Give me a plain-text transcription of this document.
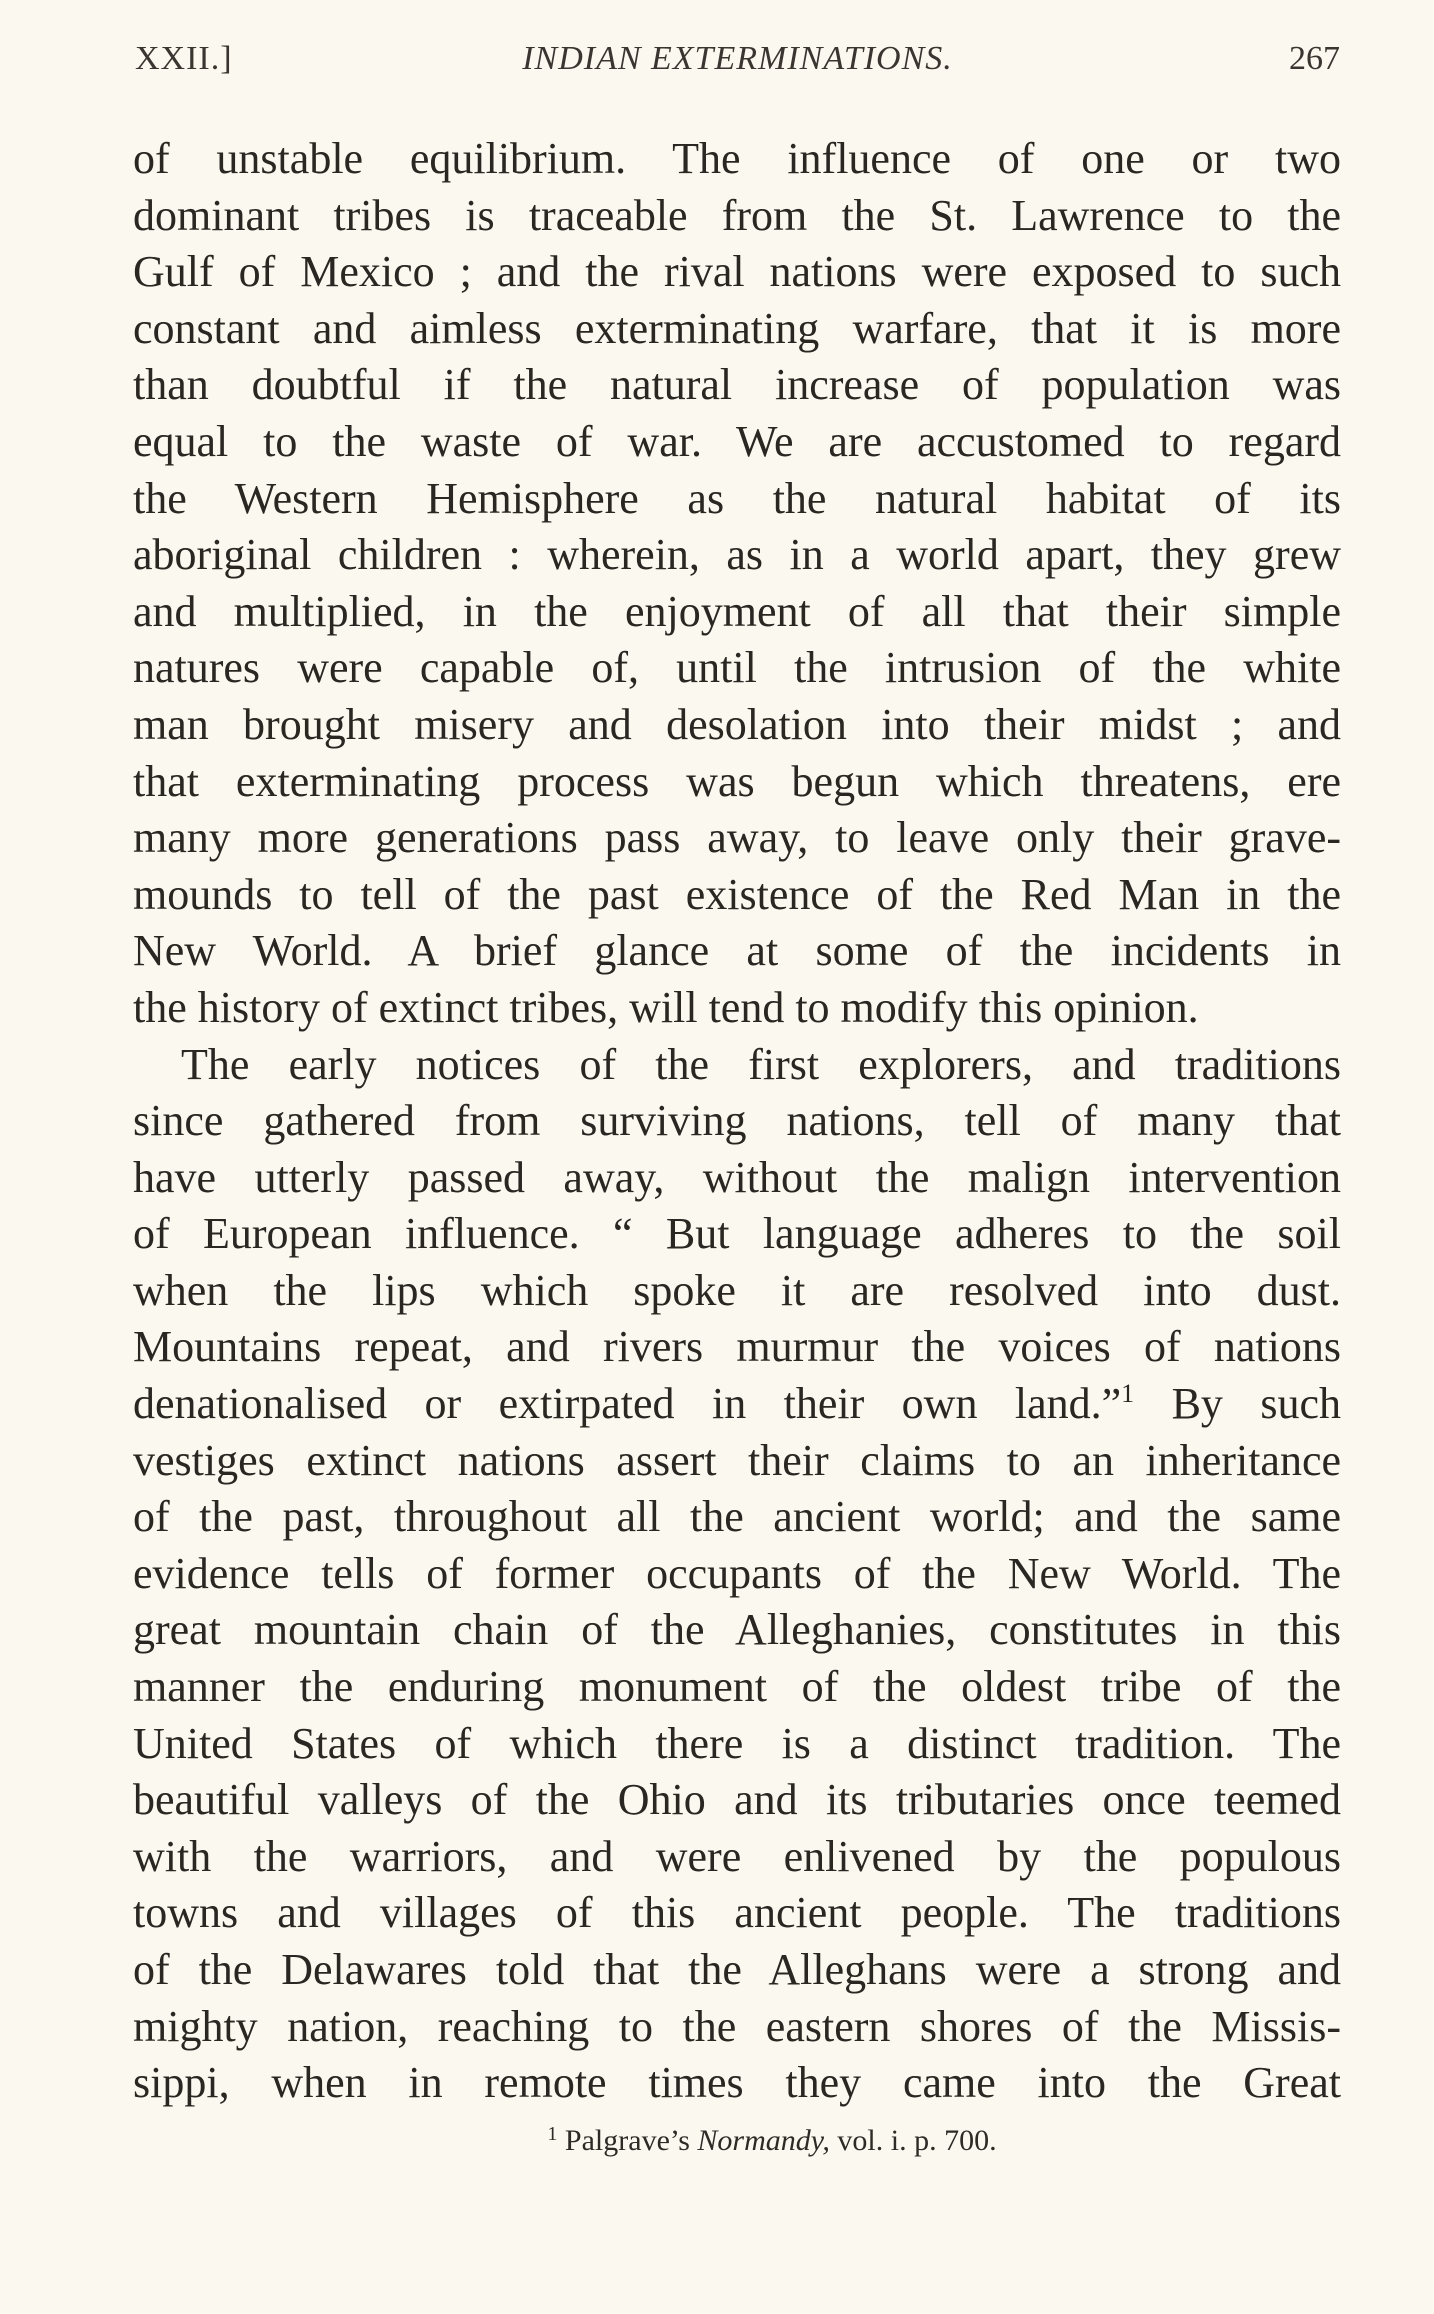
XXII.]	INDIAN EXTERMINATIONS.	267
of unstable equilibrium. The influence of one or two
dominant tribes is traceable from the St. Lawrence to the
Gulf of Mexico ; and the rival nations were exposed to such
constant and aimless exterminating warfare, that it is more
than doubtful if the natural increase of population was
equal to the waste of war. We are accustomed to regard
the Western Hemisphere as the natural habitat of its
aboriginal children : wherein, as in a world apart, they grew
and multiplied, in the enjoyment of all that their simple
natures were capable of, until the intrusion of the white
man brought misery and desolation into their midst ; and
that exterminating process was begun which threatens, ere
many more generations pass away, to leave only their grave-
mounds to tell of the past existence of the Red Man in the
New World. A brief glance at some of the incidents in
the history of extinct tribes, will tend to modify this opinion.
The early notices of the first explorers, and traditions
since gathered from surviving nations, tell of many that
have utterly passed away, without the malign intervention
of European influence. “ But language adheres to the soil
when the lips which spoke it are resolved into dust.
Mountains repeat, and rivers murmur the voices of nations
denationalised or extirpated in their own land.”$^1$ By such
vestiges extinct nations assert their claims to an inheritance
of the past, throughout all the ancient world; and the same
evidence tells of former occupants of the New World. The
great mountain chain of the Alleghanies, constitutes in this
manner the enduring monument of the oldest tribe of the
United States of which there is a distinct tradition. The
beautiful valleys of the Ohio and its tributaries once teemed
with the warriors, and were enlivened by the populous
towns and villages of this ancient people. The traditions
of the Delawares told that the Alleghans were a strong and
mighty nation, reaching to the eastern shores of the Missis-
sippi, when in remote times they came into the Great
$^1$ Palgrave’s Normandy, vol. i. p. 700.
